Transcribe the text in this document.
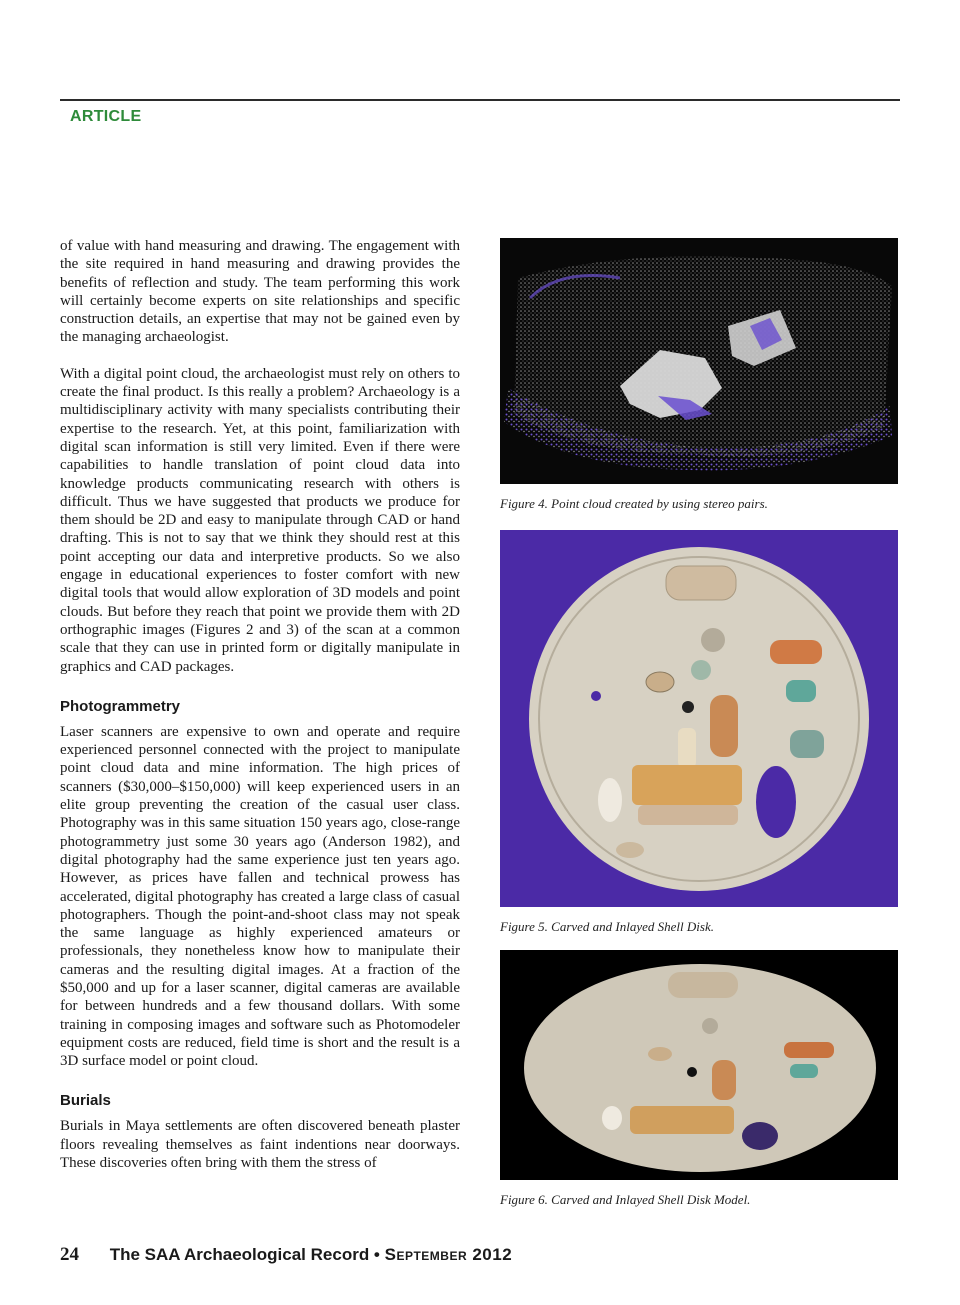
ARTICLE

of value with hand measuring and drawing. The engagement with the site required in hand measuring and drawing provides the benefits of reflection and study. The team performing this work will certainly become experts on site relationships and specific construction details, an expertise that may not be gained even by the managing archaeologist.

With a digital point cloud, the archaeologist must rely on others to create the final product. Is this really a problem? Archaeology is a multidisciplinary activity with many specialists contributing their expertise to the research. Yet, at this point, familiarization with digital scan information is still very limited. Even if there were capabilities to handle translation of point cloud data into knowledge products communicating research with others is difficult. Thus we have suggested that products we produce for them should be 2D and easy to manipulate through CAD or hand drafting. This is not to say that we think they should rest at this point accepting our data and interpretive products. So we also engage in educational experiences to foster comfort with new digital tools that would allow exploration of 3D models and point clouds. But before they reach that point we provide them with 2D orthographic images (Figures 2 and 3) of the scan at a common scale that they can use in printed form or digitally manipulate in graphics and CAD packages.

Photogrammetry

Laser scanners are expensive to own and operate and require experienced personnel connected with the project to manipulate point cloud data and mine information. The high prices of scanners ($30,000–$150,000) will keep experienced users in an elite group preventing the creation of the casual user class. Photography was in this same situation 150 years ago, close-range photogrammetry just some 30 years ago (Anderson 1982), and digital photography had the same experience just ten years ago. However, as prices have fallen and technical prowess has accelerated, digital photography has created a large class of casual photographers. Though the point-and-shoot class may not speak the same language as highly experienced amateurs or professionals, they nonetheless know how to manipulate their cameras and the resulting digital images. At a fraction of the $50,000 and up for a laser scanner, digital cameras are available for between hundreds and a few thousand dollars. With some training in composing images and software such as Photomodeler equipment costs are reduced, field time is short and the result is a 3D surface model or point cloud.

Burials

Burials in Maya settlements are often discovered beneath plaster floors revealing themselves as faint indentions near doorways. These discoveries often bring with them the stress of

Figure 4. Point cloud created by using stereo pairs.
Figure 5. Carved and Inlayed Shell Disk.
Figure 6. Carved and Inlayed Shell Disk Model.
24 The SAA Archaeological Record • September 2012
